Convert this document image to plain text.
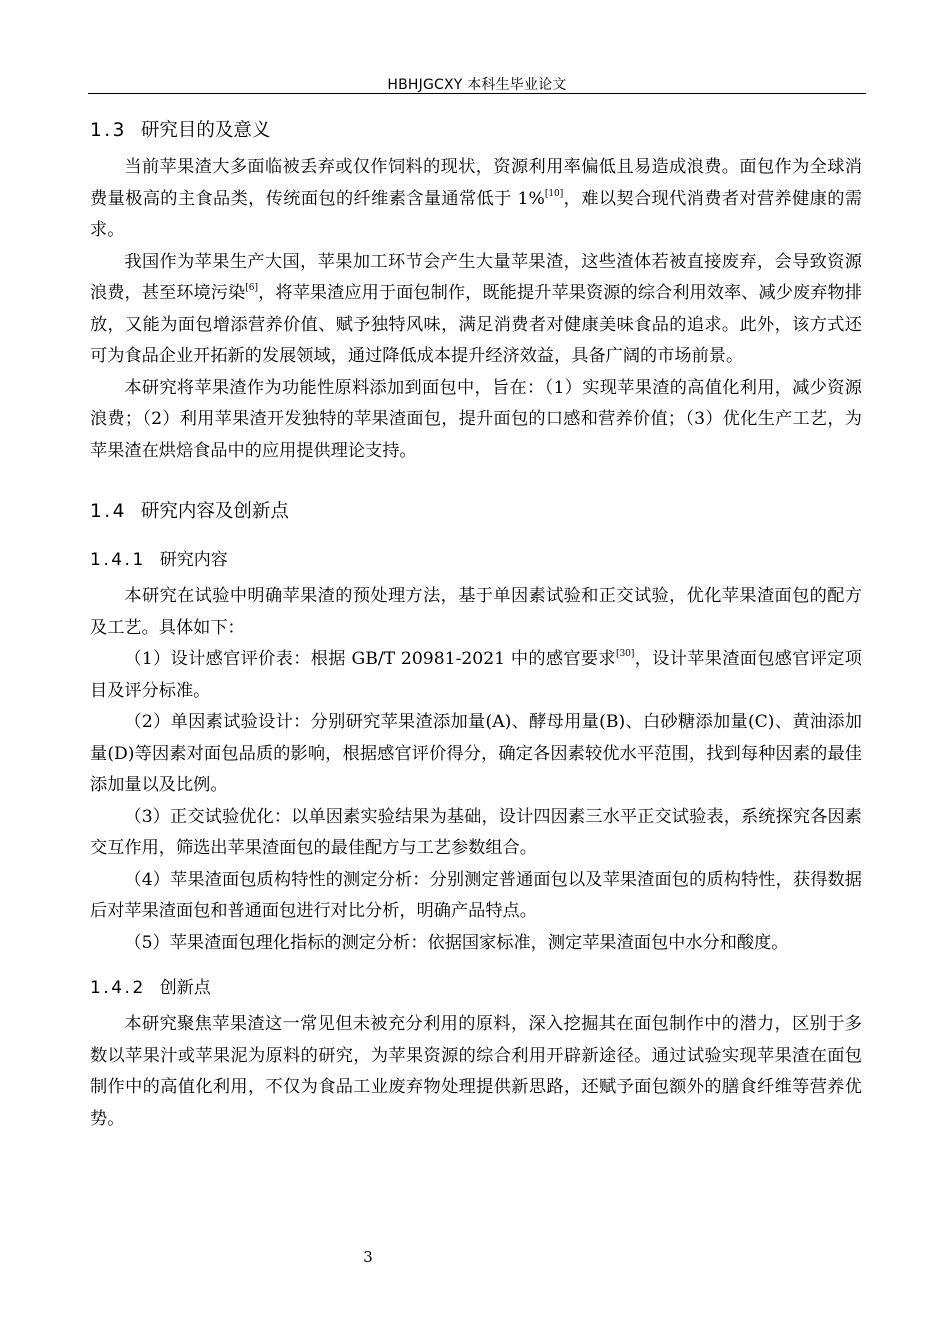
HBHJGCXY 本科生毕业论文
1.3 研究目的及意义

当前苹果渣大多面临被丢弃或仅作饲料的现状，资源利用率偏低且易造成浪费。面包作为全球消费量极高的主食品类，传统面包的纤维素含量通常低于 1%[10]，难以契合现代消费者对营养健康的需求。

我国作为苹果生产大国，苹果加工环节会产生大量苹果渣，这些渣体若被直接废弃，会导致资源浪费，甚至环境污染[6]，将苹果渣应用于面包制作，既能提升苹果资源的综合利用效率、减少废弃物排放，又能为面包增添营养价值、赋予独特风味，满足消费者对健康美味食品的追求。此外，该方式还可为食品企业开拓新的发展领域，通过降低成本提升经济效益，具备广阔的市场前景。

本研究将苹果渣作为功能性原料添加到面包中，旨在：（1）实现苹果渣的高值化利用，减少资源浪费；（2）利用苹果渣开发独特的苹果渣面包，提升面包的口感和营养价值；（3）优化生产工艺，为苹果渣在烘焙食品中的应用提供理论支持。

1.4 研究内容及创新点
1.4.1 研究内容

本研究在试验中明确苹果渣的预处理方法，基于单因素试验和正交试验，优化苹果渣面包的配方及工艺。具体如下：

（1）设计感官评价表：根据 GB/T 20981-2021 中的感官要求[30]，设计苹果渣面包感官评定项目及评分标准。

（2）单因素试验设计：分别研究苹果渣添加量(A)、酵母用量(B)、白砂糖添加量(C)、黄油添加量(D)等因素对面包品质的影响，根据感官评价得分，确定各因素较优水平范围，找到每种因素的最佳添加量以及比例。

（3）正交试验优化：以单因素实验结果为基础，设计四因素三水平正交试验表，系统探究各因素交互作用，筛选出苹果渣面包的最佳配方与工艺参数组合。

（4）苹果渣面包质构特性的测定分析：分别测定普通面包以及苹果渣面包的质构特性，获得数据后对苹果渣面包和普通面包进行对比分析，明确产品特点。

（5）苹果渣面包理化指标的测定分析：依据国家标准，测定苹果渣面包中水分和酸度。

1.4.2 创新点

本研究聚焦苹果渣这一常见但未被充分利用的原料，深入挖掘其在面包制作中的潜力，区别于多数以苹果汁或苹果泥为原料的研究，为苹果资源的综合利用开辟新途径。通过试验实现苹果渣在面包制作中的高值化利用，不仅为食品工业废弃物处理提供新思路，还赋予面包额外的膳食纤维等营养优势。

3
